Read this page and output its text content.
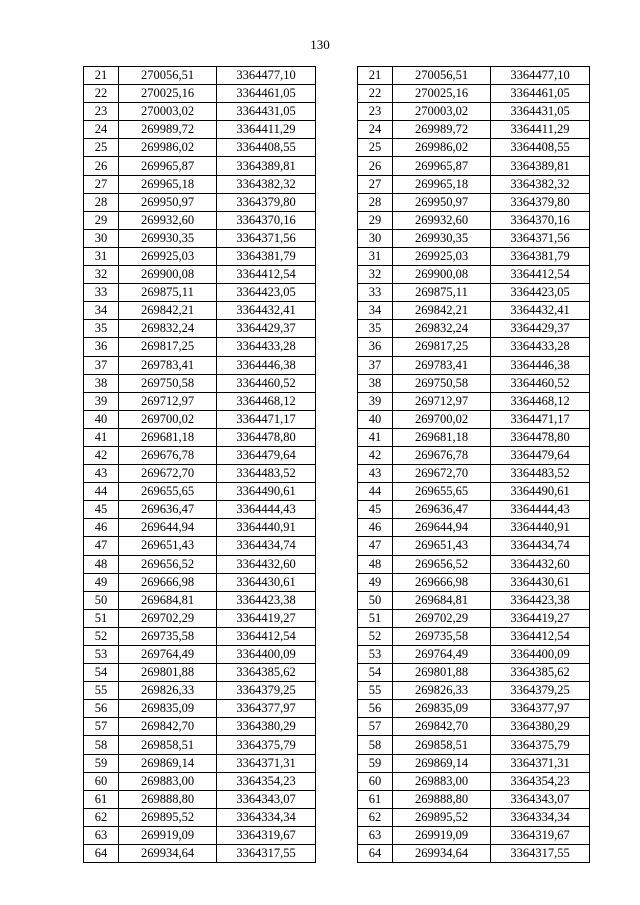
130
21	270056,51	3364477,10
22	270025,16	3364461,05
23	270003,02	3364431,05
24	269989,72	3364411,29
25	269986,02	3364408,55
26	269965,87	3364389,81
27	269965,18	3364382,32
28	269950,97	3364379,80
29	269932,60	3364370,16
30	269930,35	3364371,56
31	269925,03	3364381,79
32	269900,08	3364412,54
33	269875,11	3364423,05
34	269842,21	3364432,41
35	269832,24	3364429,37
36	269817,25	3364433,28
37	269783,41	3364446,38
38	269750,58	3364460,52
39	269712,97	3364468,12
40	269700,02	3364471,17
41	269681,18	3364478,80
42	269676,78	3364479,64
43	269672,70	3364483,52
44	269655,65	3364490,61
45	269636,47	3364444,43
46	269644,94	3364440,91
47	269651,43	3364434,74
48	269656,52	3364432,60
49	269666,98	3364430,61
50	269684,81	3364423,38
51	269702,29	3364419,27
52	269735,58	3364412,54
53	269764,49	3364400,09
54	269801,88	3364385,62
55	269826,33	3364379,25
56	269835,09	3364377,97
57	269842,70	3364380,29
58	269858,51	3364375,79
59	269869,14	3364371,31
60	269883,00	3364354,23
61	269888,80	3364343,07
62	269895,52	3364334,34
63	269919,09	3364319,67
64	269934,64	3364317,55
21	270056,51	3364477,10
22	270025,16	3364461,05
23	270003,02	3364431,05
24	269989,72	3364411,29
25	269986,02	3364408,55
26	269965,87	3364389,81
27	269965,18	3364382,32
28	269950,97	3364379,80
29	269932,60	3364370,16
30	269930,35	3364371,56
31	269925,03	3364381,79
32	269900,08	3364412,54
33	269875,11	3364423,05
34	269842,21	3364432,41
35	269832,24	3364429,37
36	269817,25	3364433,28
37	269783,41	3364446,38
38	269750,58	3364460,52
39	269712,97	3364468,12
40	269700,02	3364471,17
41	269681,18	3364478,80
42	269676,78	3364479,64
43	269672,70	3364483,52
44	269655,65	3364490,61
45	269636,47	3364444,43
46	269644,94	3364440,91
47	269651,43	3364434,74
48	269656,52	3364432,60
49	269666,98	3364430,61
50	269684,81	3364423,38
51	269702,29	3364419,27
52	269735,58	3364412,54
53	269764,49	3364400,09
54	269801,88	3364385,62
55	269826,33	3364379,25
56	269835,09	3364377,97
57	269842,70	3364380,29
58	269858,51	3364375,79
59	269869,14	3364371,31
60	269883,00	3364354,23
61	269888,80	3364343,07
62	269895,52	3364334,34
63	269919,09	3364319,67
64	269934,64	3364317,55
